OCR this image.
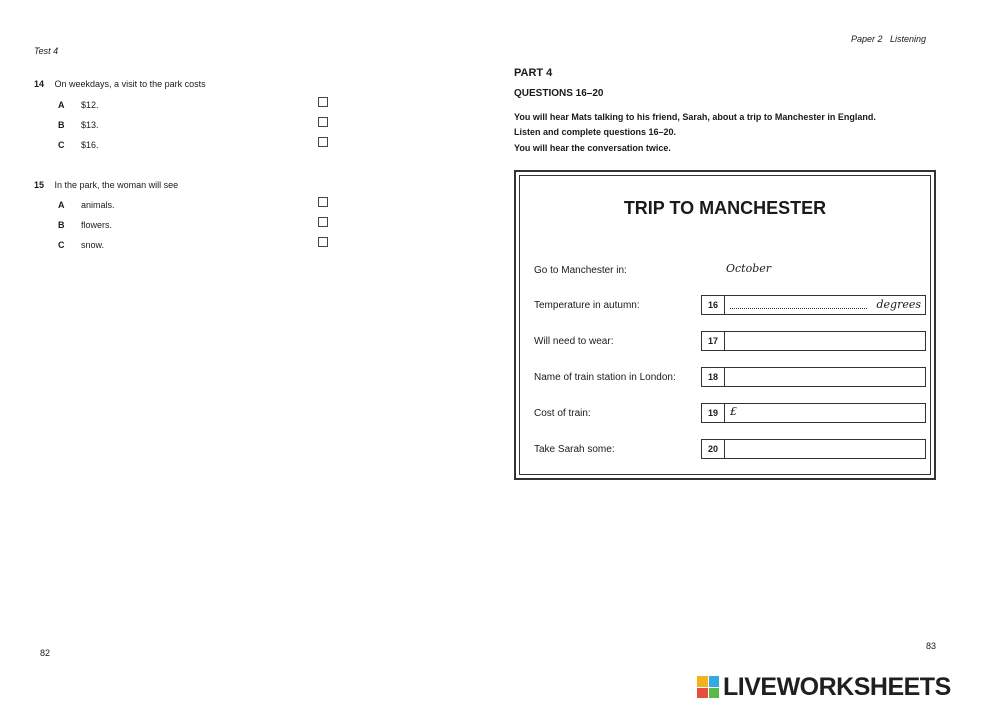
Test 4
14 On weekdays, a visit to the park costs
A $12.
B $13.
C $16.
15 In the park, the woman will see
A animals.
B flowers.
C snow.
82
Paper 2   Listening
PART 4
QUESTIONS 16–20
You will hear Mats talking to his friend, Sarah, about a trip to Manchester in England.
Listen and complete questions 16–20.
You will hear the conversation twice.
TRIP TO MANCHESTER
Go to Manchester in:	October
Temperature in autumn:	16	degrees
Will need to wear:	17
Name of train station in London:	18
Cost of train:	19	£
Take Sarah some:	20
83
LIVEWORKSHEETS
